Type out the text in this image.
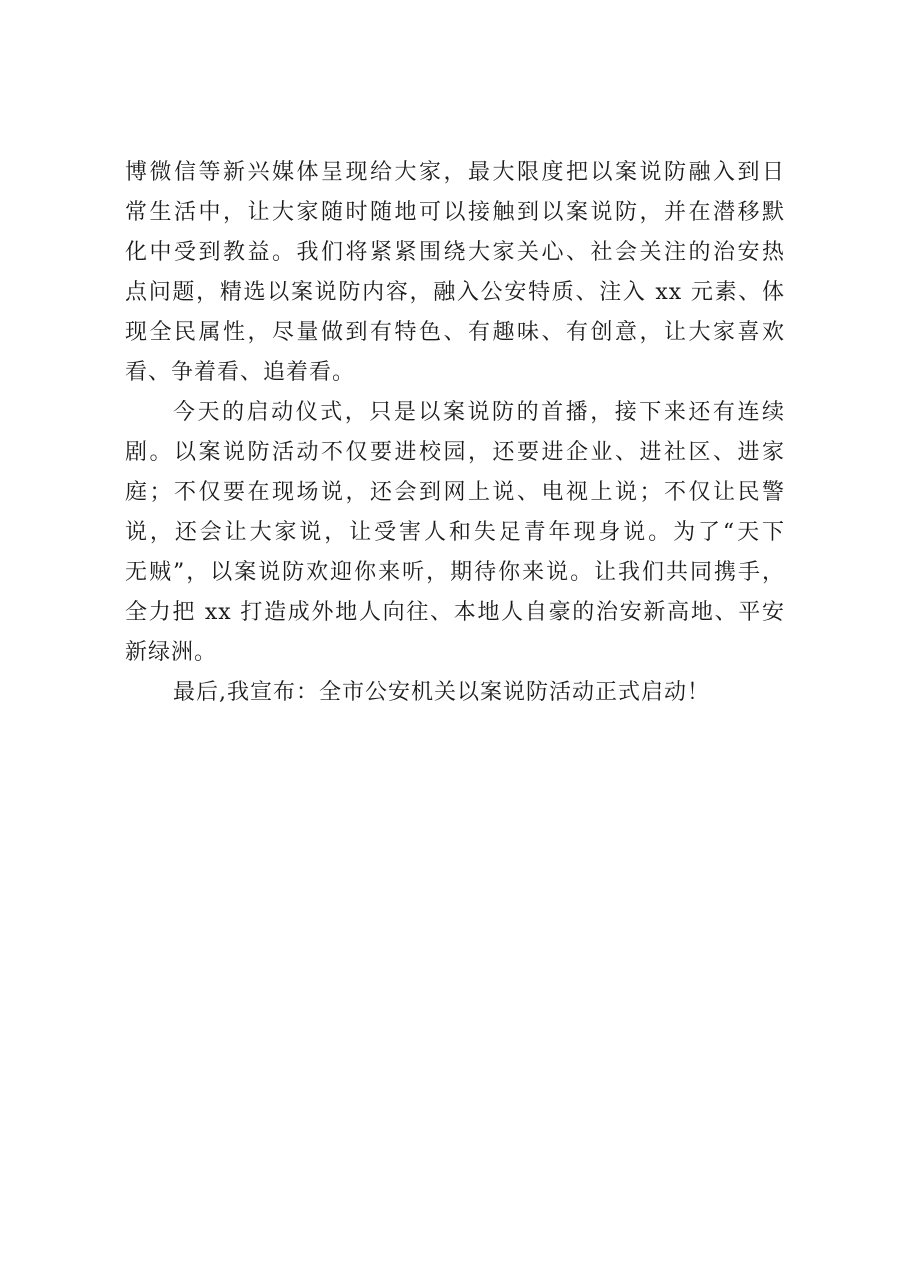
博微信等新兴媒体呈现给大家，最大限度把以案说防融入到日
常生活中，让大家随时随地可以接触到以案说防，并在潜移默
化中受到教益。我们将紧紧围绕大家关心、社会关注的治安热
点问题，精选以案说防内容，融入公安特质、注入 xx 元素、体
现全民属性，尽量做到有特色、有趣味、有创意，让大家喜欢
看、争着看、追着看。
今天的启动仪式，只是以案说防的首播，接下来还有连续
剧。以案说防活动不仅要进校园，还要进企业、进社区、进家
庭；不仅要在现场说，还会到网上说、电视上说；不仅让民警
说，还会让大家说，让受害人和失足青年现身说。为了“天下
无贼”，以案说防欢迎你来听，期待你来说。让我们共同携手，
全力把 xx 打造成外地人向往、本地人自豪的治安新高地、平安
新绿洲。
最后,我宣布：全市公安机关以案说防活动正式启动！
